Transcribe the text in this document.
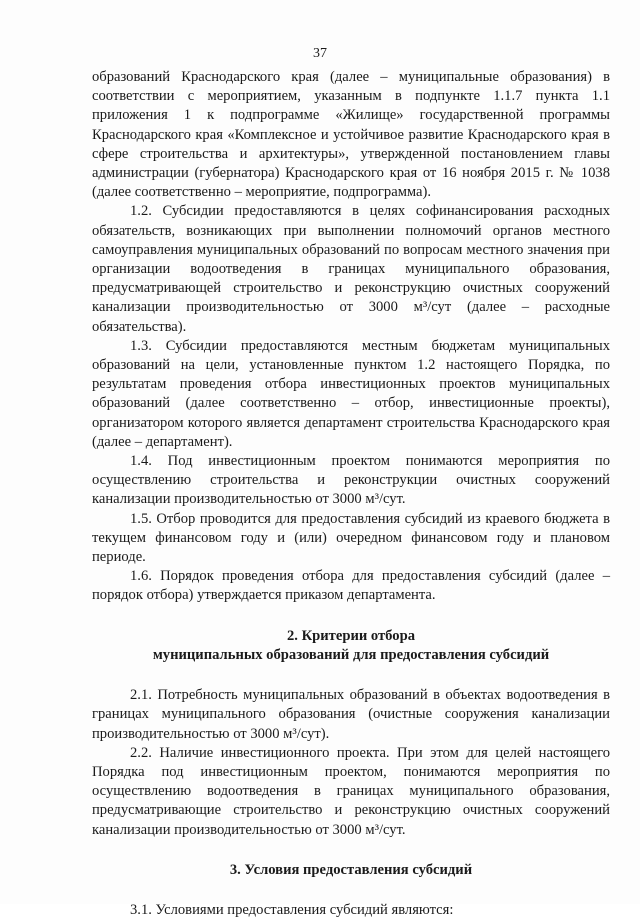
37

образований Краснодарского края (далее – муниципальные образования) в соответствии с мероприятием, указанным в подпункте 1.1.7 пункта 1.1 приложения 1 к подпрограмме «Жилище» государственной программы Краснодарского края «Комплексное и устойчивое развитие Краснодарского края в сфере строительства и архитектуры», утвержденной постановлением главы администрации (губернатора) Краснодарского края от 16 ноября 2015 г. № 1038 (далее соответственно – мероприятие, подпрограмма).

1.2. Субсидии предоставляются в целях софинансирования расходных обязательств, возникающих при выполнении полномочий органов местного самоуправления муниципальных образований по вопросам местного значения при организации водоотведения в границах муниципального образования, предусматривающей строительство и реконструкцию очистных сооружений канализации производительностью от 3000 м³/сут (далее – расходные обязательства).

1.3. Субсидии предоставляются местным бюджетам муниципальных образований на цели, установленные пунктом 1.2 настоящего Порядка, по результатам проведения отбора инвестиционных проектов муниципальных образований (далее соответственно – отбор, инвестиционные проекты), организатором которого является департамент строительства Краснодарского края (далее – департамент).

1.4. Под инвестиционным проектом понимаются мероприятия по осуществлению строительства и реконструкции очистных сооружений канализации производительностью от 3000 м³/сут.

1.5. Отбор проводится для предоставления субсидий из краевого бюджета в текущем финансовом году и (или) очередном финансовом году и плановом периоде.

1.6. Порядок проведения отбора для предоставления субсидий (далее – порядок отбора) утверждается приказом департамента.

2. Критерии отбора

муниципальных образований для предоставления субсидий

2.1. Потребность муниципальных образований в объектах водоотведения в границах муниципального образования (очистные сооружения канализации производительностью от 3000 м³/сут).

2.2. Наличие инвестиционного проекта. При этом для целей настоящего Порядка под инвестиционным проектом, понимаются мероприятия по осуществлению водоотведения в границах муниципального образования, предусматривающие строительство и реконструкцию очистных сооружений канализации производительностью от 3000 м³/сут.

3. Условия предоставления субсидий

3.1. Условиями предоставления субсидий являются:
